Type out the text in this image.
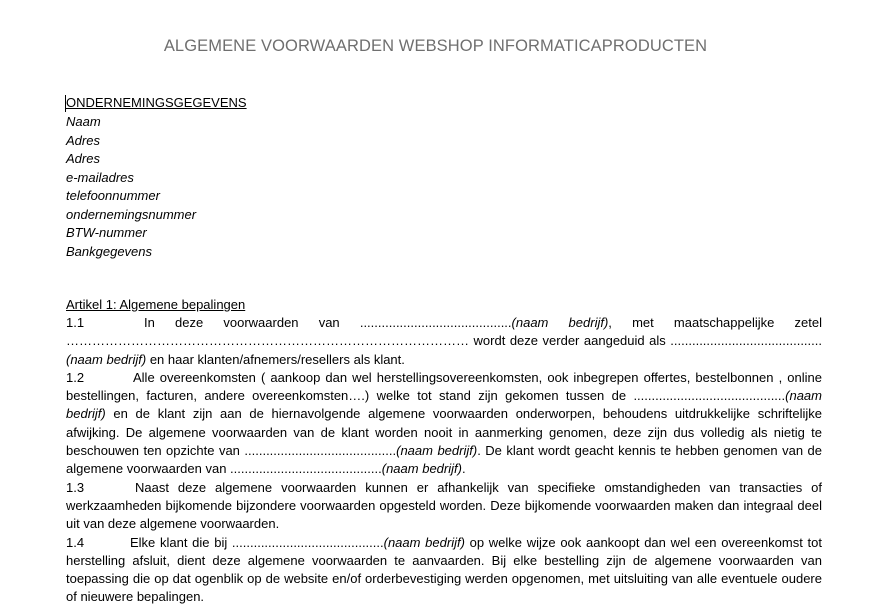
ALGEMENE VOORWAARDEN WEBSHOP INFORMATICAPRODUCTEN
ONDERNEMINGSGEGEVENS
Naam
Adres
Adres
e-mailadres
telefoonnummer
ondernemingsnummer
BTW-nummer
Bankgegevens
Artikel 1: Algemene bepalingen

1.1	In deze voorwaarden van ..........................................(naam bedrijf), met maatschappelijke zetel ………………………………………………………………………………… wordt deze verder aangeduid als ..........................................(naam bedrijf) en haar klanten/afnemers/resellers als klant.

1.2	Alle overeenkomsten ( aankoop dan wel herstellingsovereenkomsten, ook inbegrepen offertes, bestelbonnen , online bestellingen, facturen, andere overeenkomsten….) welke tot stand zijn gekomen tussen de ..........................................(naam bedrijf) en de klant zijn aan de hiernavolgende algemene voorwaarden onderworpen, behoudens uitdrukkelijke schriftelijke afwijking. De algemene voorwaarden van de klant worden nooit in aanmerking genomen, deze zijn dus volledig als nietig te beschouwen ten opzichte van ..........................................(naam bedrijf). De klant wordt geacht kennis te hebben genomen van de algemene voorwaarden van ..........................................(naam bedrijf).

1.3	Naast deze algemene voorwaarden kunnen er afhankelijk van specifieke omstandigheden van transacties of werkzaamheden bijkomende bijzondere voorwaarden opgesteld worden. Deze bijkomende voorwaarden maken dan integraal deel uit van deze algemene voorwaarden.

1.4	Elke klant die bij ..........................................(naam bedrijf) op welke wijze ook aankoopt dan wel een overeenkomst tot herstelling afsluit, dient deze algemene voorwaarden te aanvaarden. Bij elke bestelling zijn de algemene voorwaarden van toepassing die op dat ogenblik op de website en/of orderbevestiging werden opgenomen, met uitsluiting van alle eventuele oudere of nieuwere bepalingen.
